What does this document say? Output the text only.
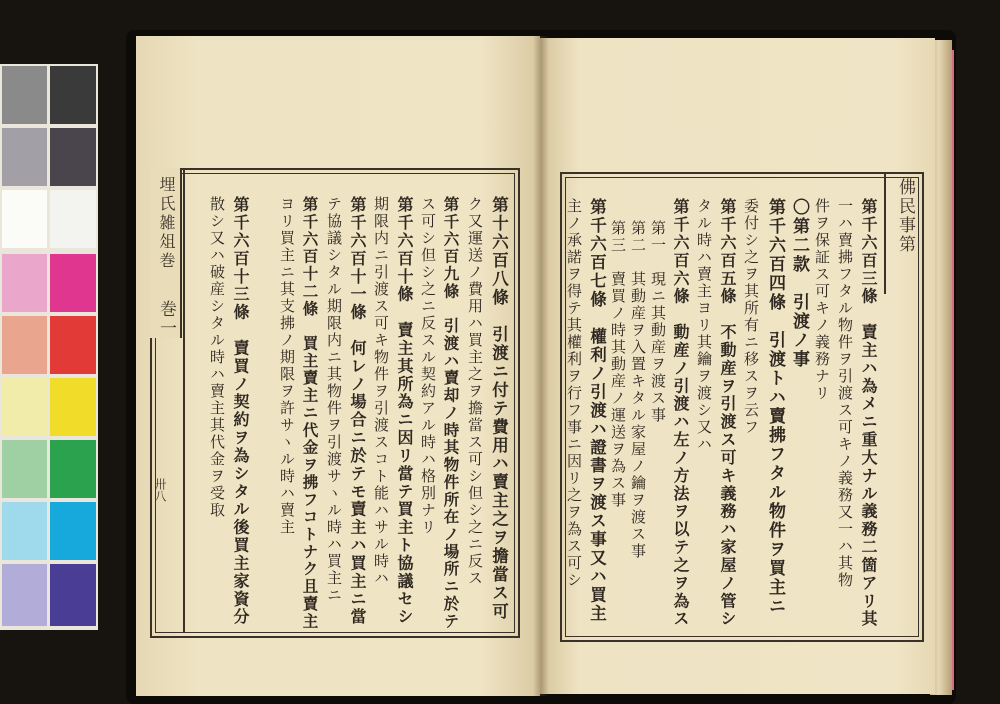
埋氏雑俎巻
巻一
卅八	第十六百八條　引渡ニ付テ費用ハ賣主之ヲ擔當ス可
ク又運送ノ費用ハ買主之ヲ擔當ス可シ但シ之ニ反ス
第千六百九條　引渡ハ賣却ノ時其物件所在ノ場所ニ於テ
ス可シ但シ之ニ反スル契約アル時ハ格別ナリ
第千六百十條　賣主其所為ニ因リ當テ買主ト協議セシ
期限内ニ引渡ス可キ物件ヲ引渡スコト能ハサル時ハ
第千六百十一條　何レノ場合ニ於テモ賣主ハ買主ニ當
テ協議シタル期限内ニ其物件ヲ引渡サヽル時ハ買主ニ
第千六百十二條　買主賣主ニ代金ヲ拂フコトナク且賣主
ヨリ買主ニ其支拂ノ期限ヲ許サヽル時ハ賣主
第千六百十三條　賣買ノ契約ヲ為シタル後買主家資分
散シ又ハ破産シタル時ハ賣主其代金ヲ受取	佛民事第
第千六百三條　賣主ハ為メニ重大ナル義務二箇アリ其
一ハ賣拂フタル物件ヲ引渡ス可キノ義務又一ハ其物
件ヲ保証ス可キノ義務ナリ
〇第二款　引渡ノ事
第千六百四條　引渡トハ賣拂フタル物件ヲ買主ニ
委付シ之ヲ其所有ニ移スヲ云フ
第千六百五條　不動産ヲ引渡ス可キ義務ハ家屋ノ管シ
タル時ハ賣主ヨリ其鑰ヲ渡シ又ハ
第千六百六條　動産ノ引渡ハ左ノ方法ヲ以テ之ヲ為ス
第一　現ニ其動産ヲ渡ス事
第二　其動産ヲ入置キタル家屋ノ鑰ヲ渡ス事
第三　賣買ノ時其動産ノ運送ヲ為ス事
第千六百七條　權利ノ引渡ハ證書ヲ渡ス事又ハ買主
主ノ承諾ヲ得テ其權利ヲ行フ事ニ因リ之ヲ為ス可シ
